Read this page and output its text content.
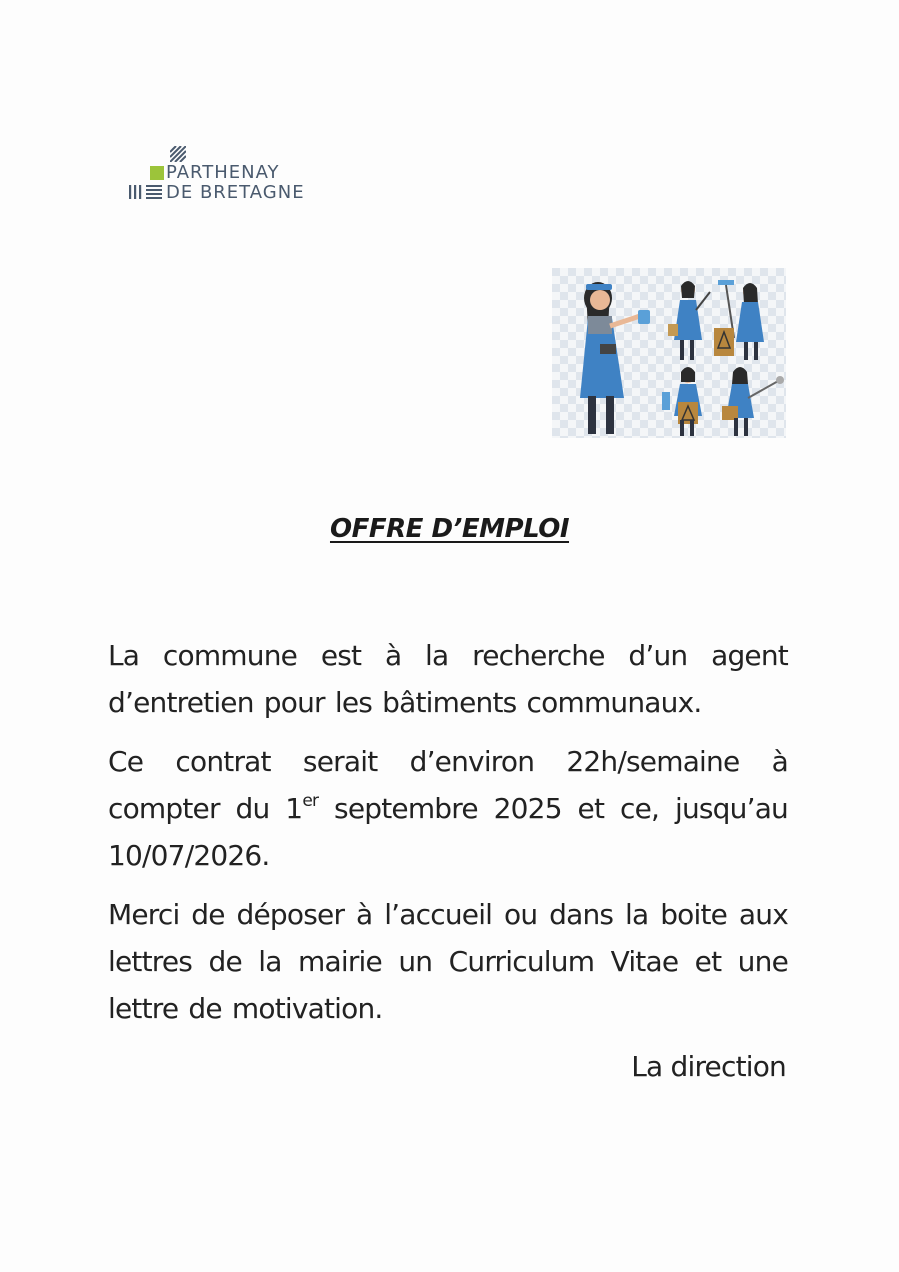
PARTHENAY
DE BRETAGNE
OFFRE D’EMPLOI

La commune est à la recherche d’un agent d’entretien pour les bâtiments communaux.

Ce contrat serait d’environ 22h/semaine à compter du 1er septembre 2025 et ce, jusqu’au 10/07/2026.

Merci de déposer à l’accueil ou dans la boite aux lettres de la mairie un Curriculum Vitae et une lettre de motivation.

La direction
